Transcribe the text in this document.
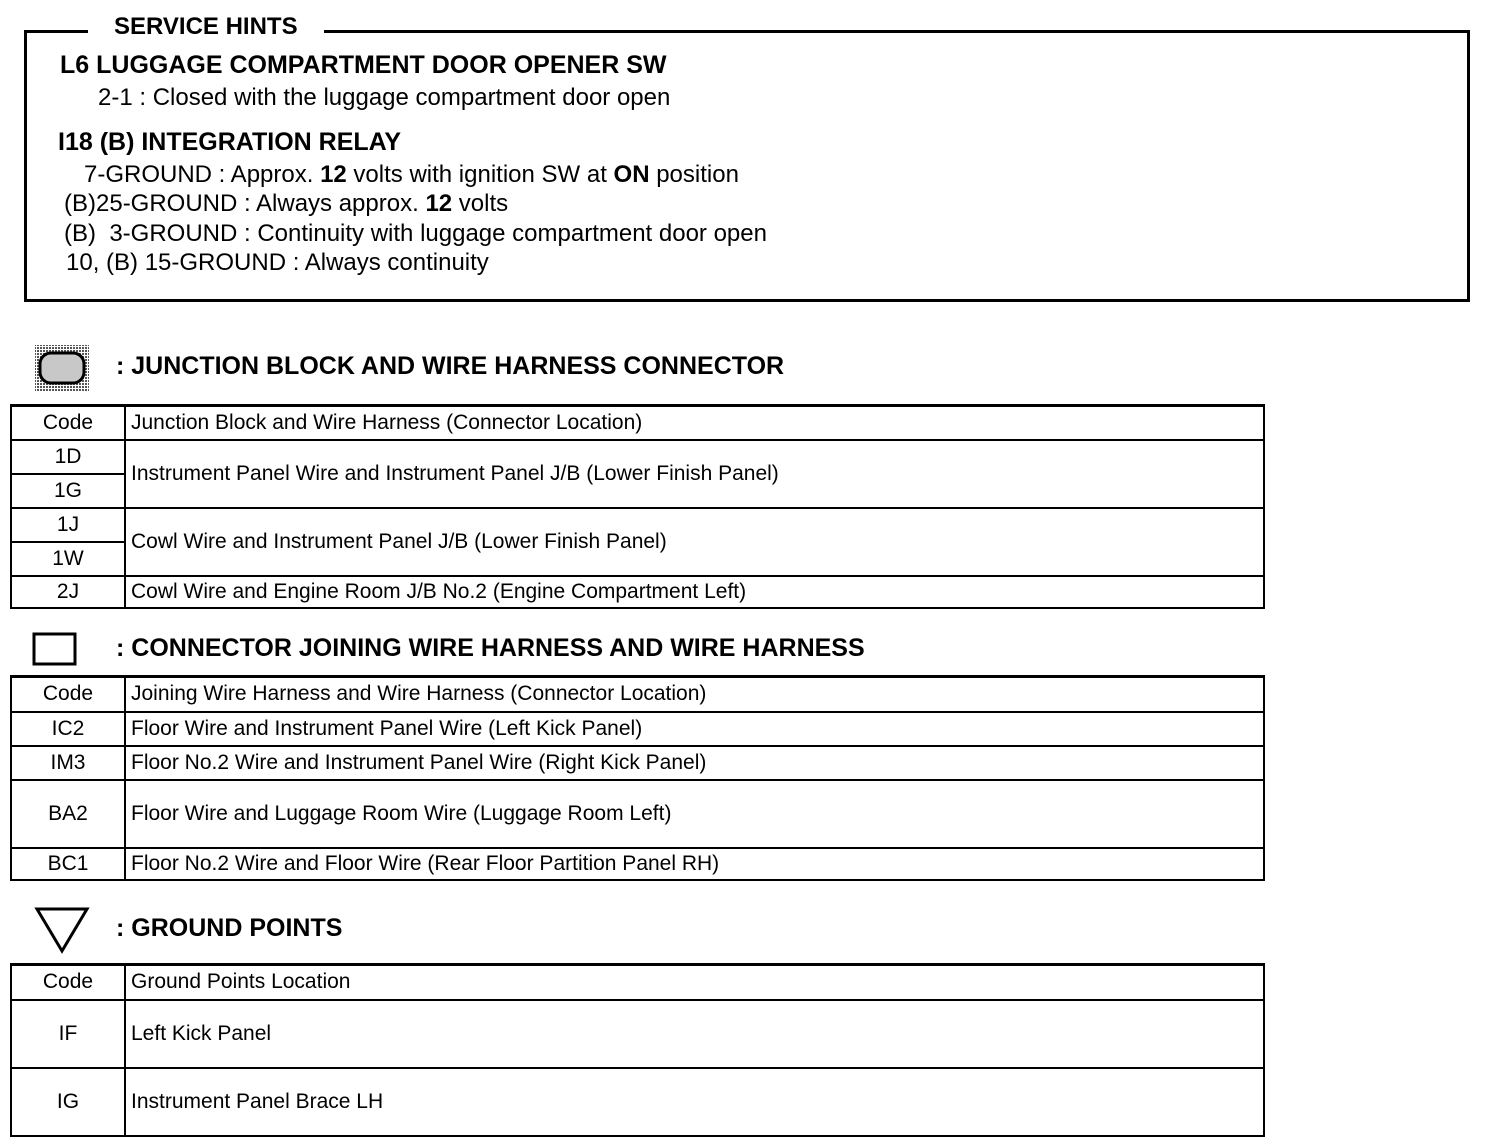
SERVICE HINTS
L6 LUGGAGE COMPARTMENT DOOR OPENER SW
2-1 : Closed with the luggage compartment door open
I18 (B) INTEGRATION RELAY
7-GROUND : Approx. 12 volts with ignition SW at ON position
(B)25-GROUND : Always approx. 12 volts
(B)  3-GROUND : Continuity with luggage compartment door open
10, (B) 15-GROUND : Always continuity
: JUNCTION BLOCK AND WIRE HARNESS CONNECTOR
Code	Junction Block and Wire Harness (Connector Location)
1D	Instrument Panel Wire and Instrument Panel J/B (Lower Finish Panel)
1G	
1J	Cowl Wire and Instrument Panel J/B (Lower Finish Panel)
1W	
2J	Cowl Wire and Engine Room J/B No.2 (Engine Compartment Left)
: CONNECTOR JOINING WIRE HARNESS AND WIRE HARNESS
Code	Joining Wire Harness and Wire Harness (Connector Location)
IC2	Floor Wire and Instrument Panel Wire (Left Kick Panel)
IM3	Floor No.2 Wire and Instrument Panel Wire (Right Kick Panel)
BA2	Floor Wire and Luggage Room Wire (Luggage Room Left)
BC1	Floor No.2 Wire and Floor Wire (Rear Floor Partition Panel RH)
: GROUND POINTS
Code	Ground Points Location
IF	Left Kick Panel
IG	Instrument Panel Brace LH
